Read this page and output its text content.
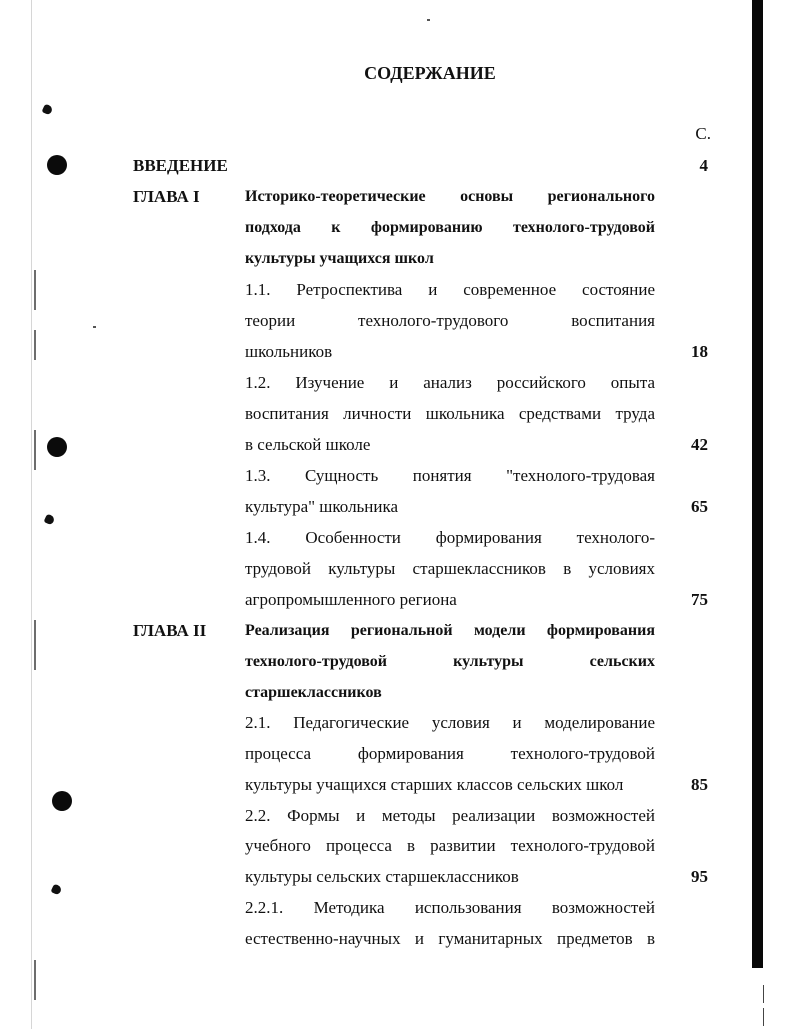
СОДЕРЖАНИЕ
С.
ВВЕДЕНИЕ	4
ГЛАВА I	Историко-теоретические основы регионального
подхода к формированию технолого-трудовой
культуры учащихся школ
1.1. Ретроспектива и современное состояние
теории технолого-трудового воспитания
школьников	18
1.2. Изучение и анализ российского опыта
воспитания личности школьника средствами труда
в сельской школе	42
1.3. Сущность понятия "технолого-трудовая
культура" школьника	65
1.4. Особенности формирования технолого-
трудовой культуры старшеклассников в условиях
агропромышленного региона	75
ГЛАВА II Реализация региональной модели формирования
технолого-трудовой культуры сельских
старшеклассников
2.1. Педагогические условия и моделирование
процесса формирования технолого-трудовой
культуры учащихся старших классов сельских школ	85
2.2. Формы и методы реализации возможностей
учебного процесса в развитии технолого-трудовой
культуры сельских старшеклассников	95
2.2.1. Методика использования возможностей
естественно-научных и гуманитарных предметов в
